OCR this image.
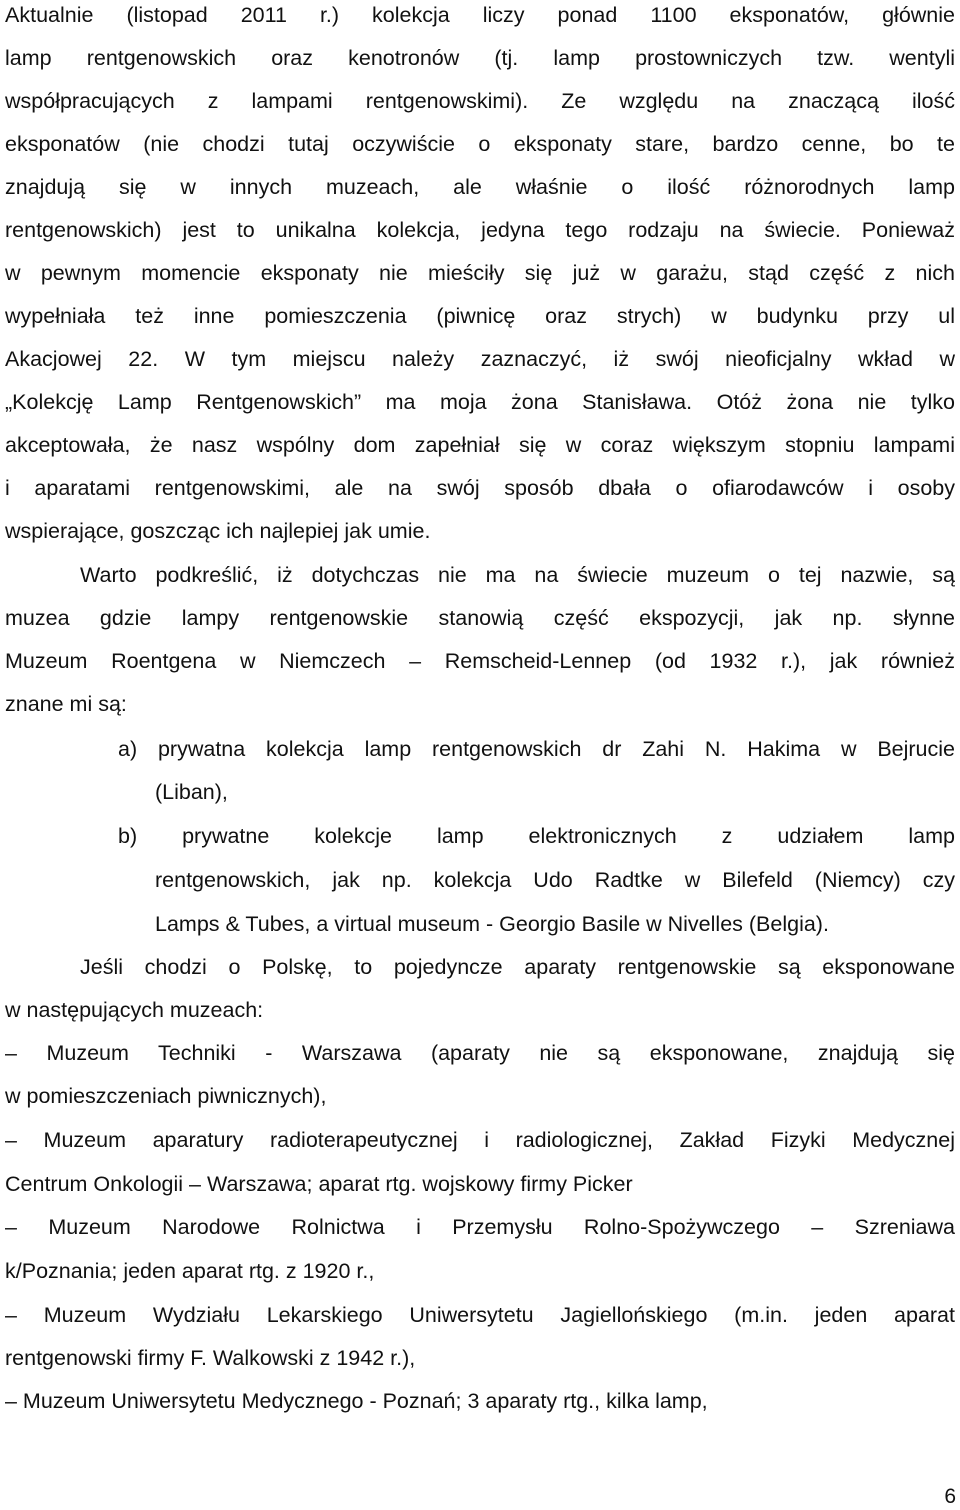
Aktualnie (listopad 2011 r.) kolekcja liczy ponad 1100 eksponatów, głównie
lamp rentgenowskich oraz kenotronów (tj. lamp prostowniczych tzw. wentyli
współpracujących z lampami rentgenowskimi). Ze względu na znaczącą ilość
eksponatów (nie chodzi tutaj oczywiście o eksponaty stare, bardzo cenne, bo te
znajdują się w innych muzeach, ale właśnie o ilość różnorodnych lamp
rentgenowskich) jest to unikalna kolekcja, jedyna tego rodzaju na świecie. Ponieważ
w pewnym momencie eksponaty nie mieściły się już w garażu, stąd część z nich
wypełniała też inne pomieszczenia (piwnicę oraz strych) w budynku przy ul
Akacjowej 22. W tym miejscu należy zaznaczyć, iż swój nieoficjalny wkład w
„Kolekcję Lamp Rentgenowskich” ma moja żona Stanisława. Otóż żona nie tylko
akceptowała, że nasz wspólny dom zapełniał się w coraz większym stopniu lampami
i aparatami rentgenowskimi, ale na swój sposób dbała o ofiarodawców i osoby
wspierające, goszcząc ich najlepiej jak umie.
Warto podkreślić, iż dotychczas nie ma na świecie muzeum o tej nazwie, są
muzea gdzie lampy rentgenowskie stanowią część ekspozycji, jak np. słynne
Muzeum Roentgena w Niemczech – Remscheid-Lennep (od 1932 r.), jak również
znane mi są:
a) prywatna kolekcja lamp rentgenowskich dr Zahi N. Hakima w Bejrucie
(Liban),
b) prywatne kolekcje lamp elektronicznych z udziałem lamp
rentgenowskich, jak np. kolekcja Udo Radtke w Bilefeld (Niemcy) czy
Lamps & Tubes, a virtual museum - Georgio Basile w Nivelles (Belgia).
Jeśli chodzi o Polskę, to pojedyncze aparaty rentgenowskie są eksponowane
w następujących muzeach:
– Muzeum Techniki - Warszawa (aparaty nie są eksponowane, znajdują się
w pomieszczeniach piwnicznych),
– Muzeum aparatury radioterapeutycznej i radiologicznej, Zakład Fizyki Medycznej
Centrum Onkologii – Warszawa; aparat rtg. wojskowy firmy Picker
– Muzeum Narodowe Rolnictwa i Przemysłu Rolno-Spożywczego – Szreniawa
k/Poznania; jeden aparat rtg. z 1920 r.,
– Muzeum Wydziału Lekarskiego Uniwersytetu Jagiellońskiego (m.in. jeden aparat
rentgenowski firmy F. Walkowski z 1942 r.),
– Muzeum Uniwersytetu Medycznego - Poznań; 3 aparaty rtg., kilka lamp,
6
